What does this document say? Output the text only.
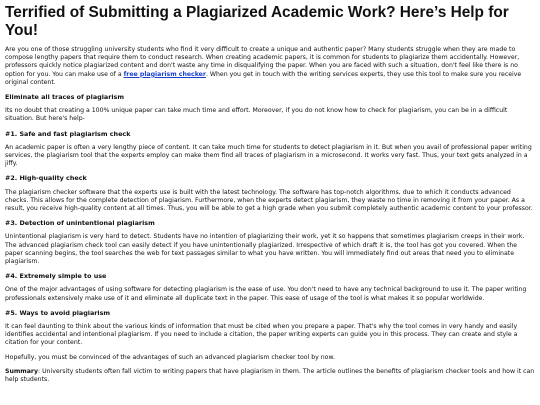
Terrified of Submitting a Plagiarized Academic Work? Here’s Help for You!

Are you one of those struggling university students who find it very difficult to create a unique and authentic paper? Many students struggle when they are made to compose lengthy papers that require them to conduct research. When creating academic papers, it is common for students to plagiarize them accidentally. However, professors quickly notice plagiarized content and don't waste any time in disqualifying the paper. When you are faced with such a situation, don't feel like there is no option for you. You can make use of a free plagiarism checker. When you get in touch with the writing services experts, they use this tool to make sure you receive original content.

Eliminate all traces of plagiarism

Its no doubt that creating a 100% unique paper can take much time and effort. Moreover, if you do not know how to check for plagiarism, you can be in a difficult situation. But here's help-

#1. Safe and fast plagiarism check

An academic paper is often a very lengthy piece of content. It can take much time for students to detect plagiarism in it. But when you avail of professional paper writing services, the plagiarism tool that the experts employ can make them find all traces of plagiarism in a microsecond. It works very fast. Thus, your text gets analyzed in a jiffy.

#2. High-quality check

The plagiarism checker software that the experts use is built with the latest technology. The software has top-notch algorithms, due to which it conducts advanced checks. This allows for the complete detection of plagiarism. Furthermore, when the experts detect plagiarism, they waste no time in removing it from your paper. As a result, you receive high-quality content at all times. Thus, you will be able to get a high grade when you submit completely authentic academic content to your professor.

#3. Detection of unintentional plagiarism

Unintentional plagiarism is very hard to detect. Students have no intention of plagiarizing their work, yet it so happens that sometimes plagiarism creeps in their work. The advanced plagiarism check tool can easily detect if you have unintentionally plagiarized. Irrespective of which draft it is, the tool has got you covered. When the paper scanning begins, the tool searches the web for text passages similar to what you have written. You will immediately find out areas that need you to eliminate plagiarism.

#4. Extremely simple to use

One of the major advantages of using software for detecting plagiarism is the ease of use. You don't need to have any technical background to use it. The paper writing professionals extensively make use of it and eliminate all duplicate text in the paper. This ease of usage of the tool is what makes it so popular worldwide.

#5. Ways to avoid plagiarism

It can feel daunting to think about the various kinds of information that must be cited when you prepare a paper. That's why the tool comes in very handy and easily identifies accidental and intentional plagiarism. If you need to include a citation, the paper writing experts can guide you in this process. They can create and style a citation for your content.

Hopefully, you must be convinced of the advantages of such an advanced plagiarism checker tool by now.

Summary: University students often fall victim to writing papers that have plagiarism in them. The article outlines the benefits of plagiarism checker tools and how it can help students.
